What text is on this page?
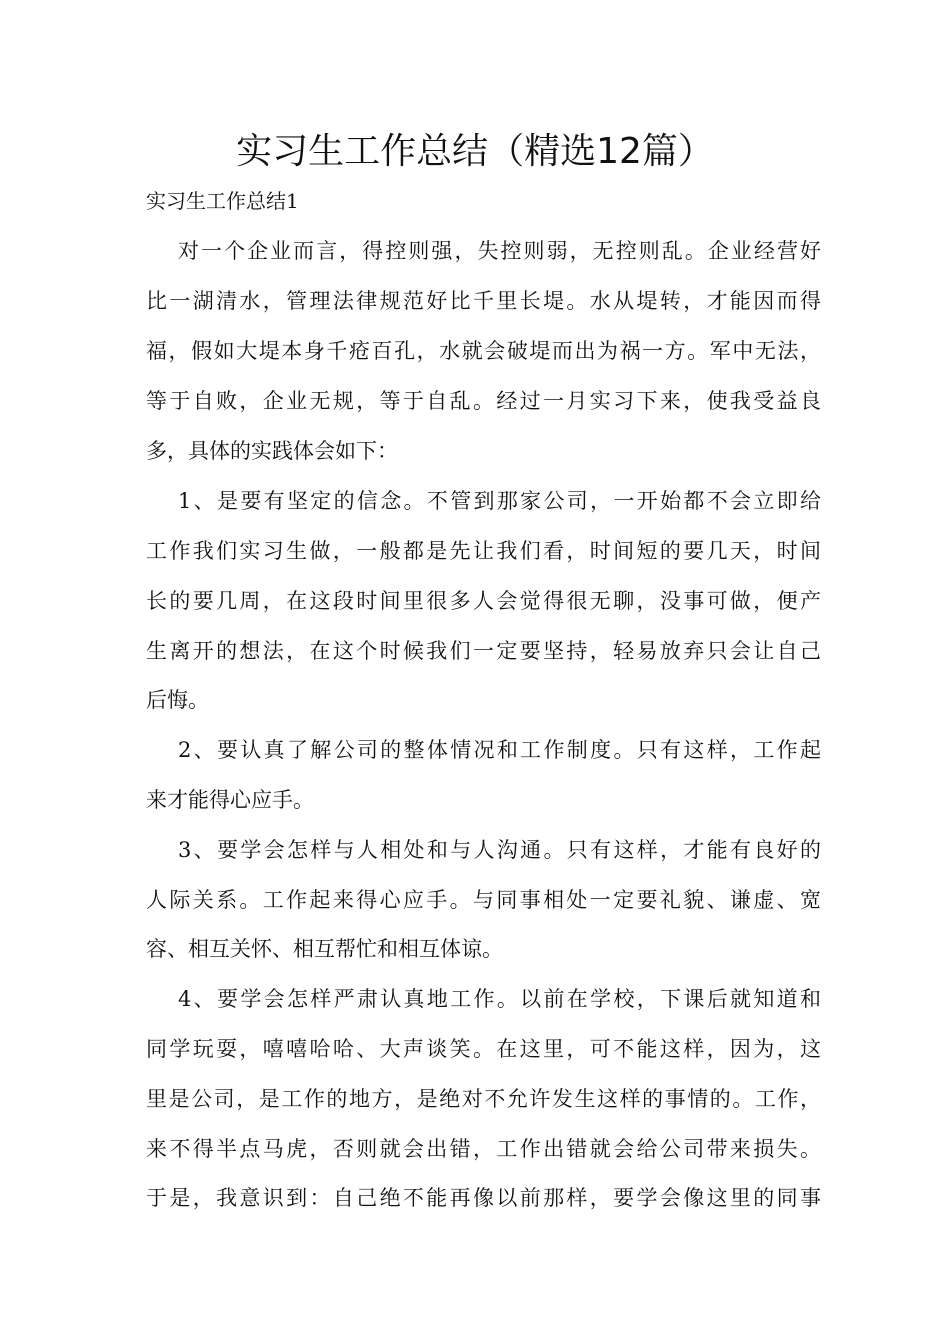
实习生工作总结（精选12篇）

实习生工作总结1

对一个企业而言，得控则强，失控则弱，无控则乱。企业经营好

比一湖清水，管理法律规范好比千里长堤。水从堤转，才能因而得

福，假如大堤本身千疮百孔，水就会破堤而出为祸一方。军中无法，

等于自败，企业无规，等于自乱。经过一月实习下来，使我受益良

多，具体的实践体会如下：

1、是要有坚定的信念。不管到那家公司，一开始都不会立即给

工作我们实习生做，一般都是先让我们看，时间短的要几天，时间

长的要几周，在这段时间里很多人会觉得很无聊，没事可做，便产

生离开的想法，在这个时候我们一定要坚持，轻易放弃只会让自己

后悔。

2、要认真了解公司的整体情况和工作制度。只有这样，工作起

来才能得心应手。

3、要学会怎样与人相处和与人沟通。只有这样，才能有良好的

人际关系。工作起来得心应手。与同事相处一定要礼貌、谦虚、宽

容、相互关怀、相互帮忙和相互体谅。

4、要学会怎样严肃认真地工作。以前在学校，下课后就知道和

同学玩耍，嘻嘻哈哈、大声谈笑。在这里，可不能这样，因为，这

里是公司，是工作的地方，是绝对不允许发生这样的事情的。工作，

来不得半点马虎，否则就会出错，工作出错就会给公司带来损失。

于是，我意识到：自己绝不能再像以前那样，要学会像这里的同事
